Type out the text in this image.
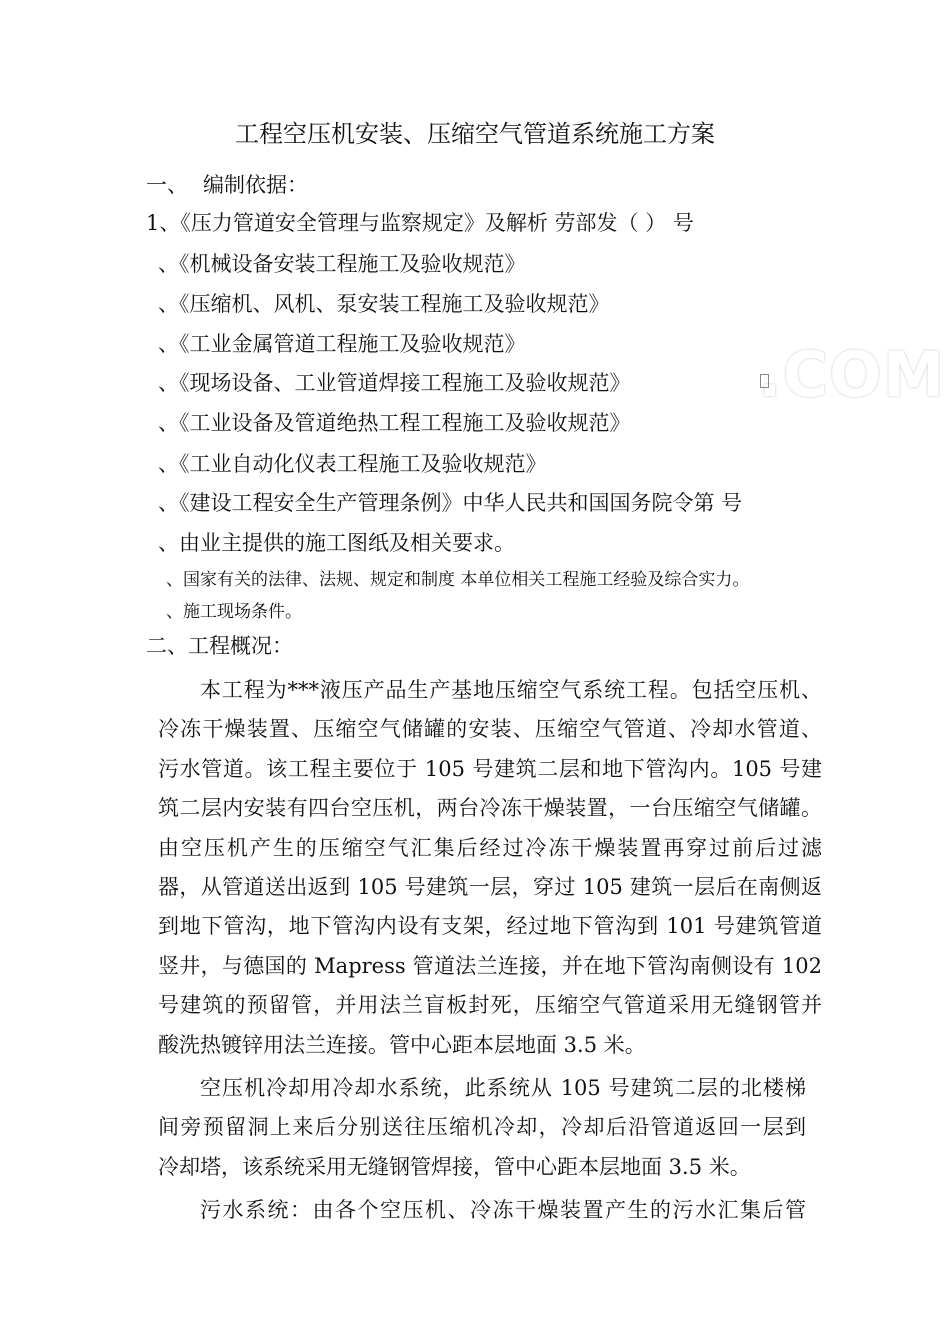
工程空压机安装、压缩空气管道系统施工方案
一、 编制依据：
1、《压力管道安全管理与监察规定》及解析 劳部发（ ） 号
、《机械设备安装工程施工及验收规范》
、《压缩机、风机、泵安装工程施工及验收规范》
、《工业金属管道工程施工及验收规范》
、《现场设备、工业管道焊接工程施工及验收规范》
、《工业设备及管道绝热工程工程施工及验收规范》
、《工业自动化仪表工程施工及验收规范》
、《建设工程安全生产管理条例》中华人民共和国国务院令第 号
、由业主提供的施工图纸及相关要求。
、国家有关的法律、法规、规定和制度 本单位相关工程施工经验及综合实力。
、施工现场条件。
二、工程概况：
本工程为***液压产品生产基地压缩空气系统工程。包括空压机、
冷冻干燥装置、压缩空气储罐的安装、压缩空气管道、冷却水管道、
污水管道。该工程主要位于 105 号建筑二层和地下管沟内。105 号建
筑二层内安装有四台空压机，两台冷冻干燥装置，一台压缩空气储罐。
由空压机产生的压缩空气汇集后经过冷冻干燥装置再穿过前后过滤
器，从管道送出返到 105 号建筑一层，穿过 105 建筑一层后在南侧返
到地下管沟，地下管沟内设有支架，经过地下管沟到 101 号建筑管道
竖井，与德国的 Mapress 管道法兰连接，并在地下管沟南侧设有 102
号建筑的预留管，并用法兰盲板封死，压缩空气管道采用无缝钢管并
酸洗热镀锌用法兰连接。管中心距本层地面 3.5 米。
空压机冷却用冷却水系统，此系统从 105 号建筑二层的北楼梯
间旁预留洞上来后分别送往压缩机冷却，冷却后沿管道返回一层到
冷却塔，该系统采用无缝钢管焊接，管中心距本层地面 3.5 米。
污水系统：由各个空压机、冷冻干燥装置产生的污水汇集后管
.COM
